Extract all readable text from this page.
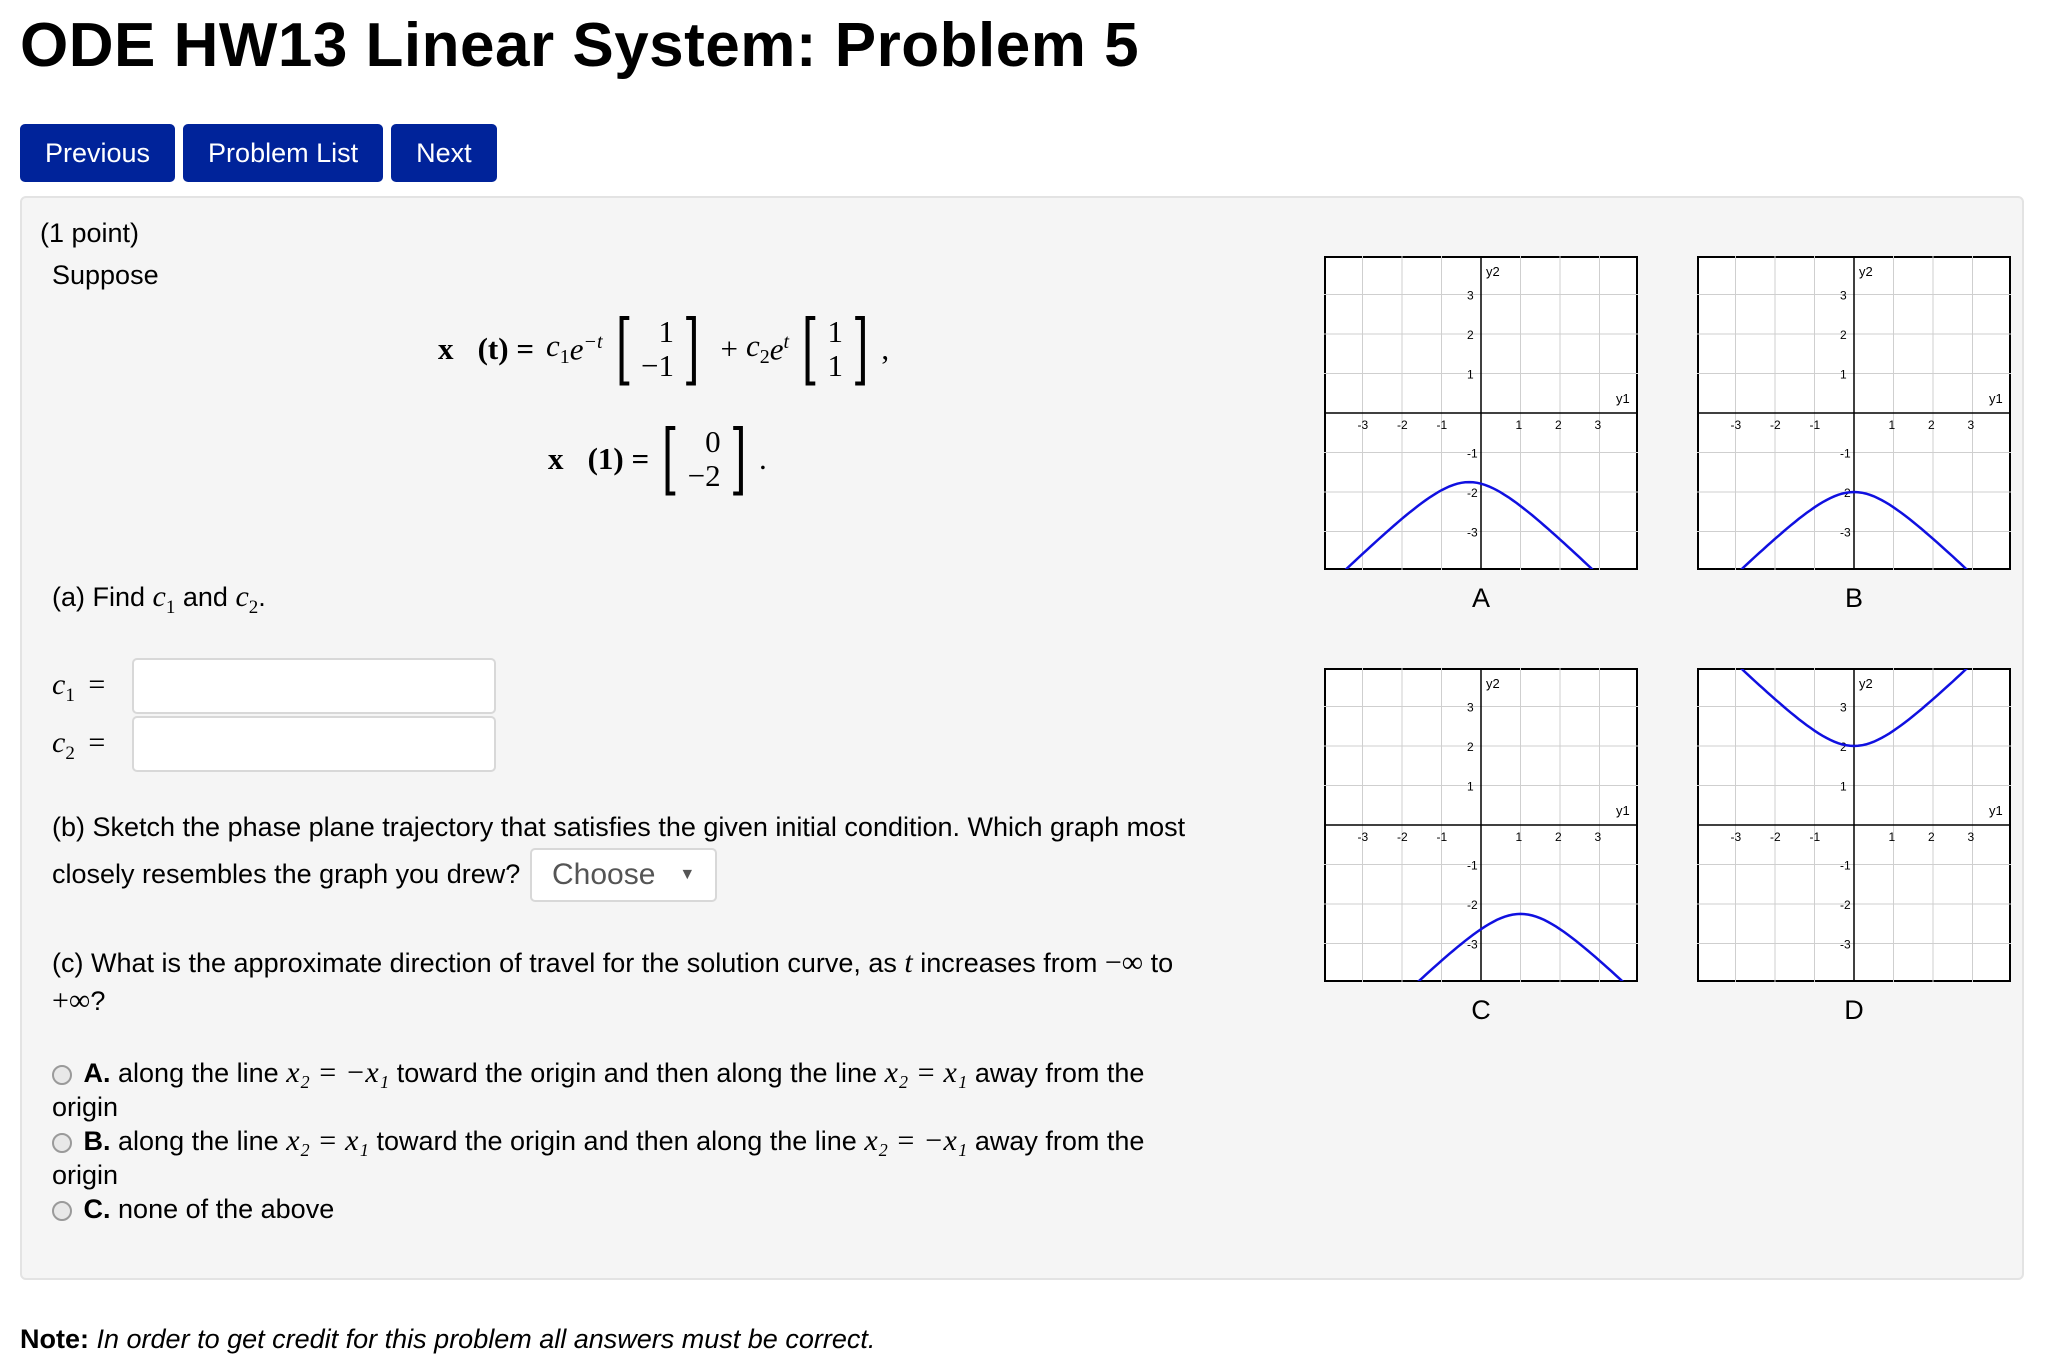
ODE HW13 Linear System: Problem 5
Previous	Problem List	Next
(1 point)
Suppose
x⃗(t) = $c_1$ $e^{-t}$ [ 1
−1 ] + $c_2$ $e^t$ [ 1
1 ] ,
x⃗(1) = [ 0
−2 ] .
(a) Find $c_1$ and $c_2$.
$c_1$ =
$c_2$ =
(b) Sketch the phase plane trajectory that satisfies the given initial condition. Which graph most
closely resembles the graph you drew? Choose ▼
(c) What is the approximate direction of travel for the solution curve, as t increases from −∞ to
+∞?
A. along the line x₂ = −x₁ toward the origin and then along the line x₂ = x₁ away from the
origin
B. along the line x₂ = x₁ toward the origin and then along the line x₂ = −x₁ away from the
origin
C. none of the above
y1
y2
-3
-3
-2
-2
-1
-1
1
1
2
2
3
3
A
y1
y2
-3
-3
-2
-2
-1
-1
1
1
2
2
3
3
B
y1
y2
-3
-3
-2
-2
-1
-1
1
1
2
2
3
3
C
y1
y2
-3
-3
-2
-2
-1
-1
1
1
2
2
3
3
D
Note: In order to get credit for this problem all answers must be correct.
